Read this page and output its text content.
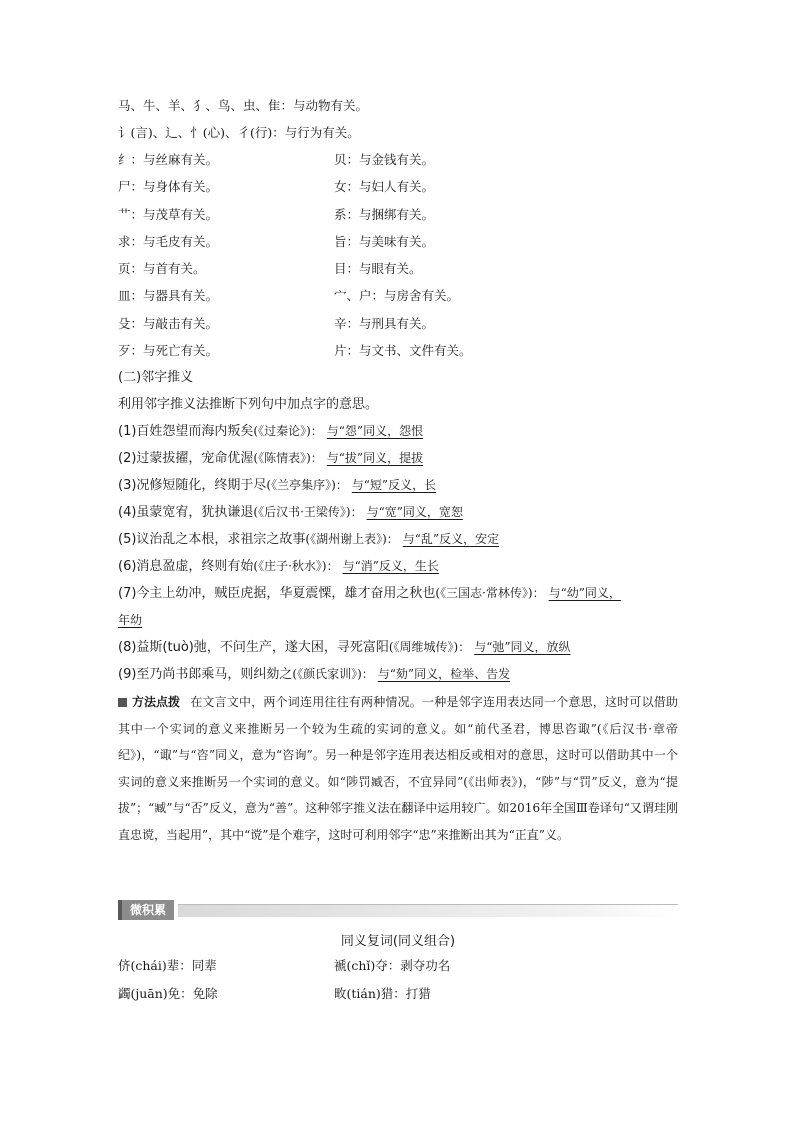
马、牛、羊、犭、鸟、虫、隹：与动物有关。
讠(言)、辶、忄(心)、彳(行)：与行为有关。
纟：与丝麻有关。	贝：与金钱有关。
尸：与身体有关。	女：与妇人有关。
艹：与茂草有关。	系：与捆绑有关。
求：与毛皮有关。	旨：与美味有关。
页：与首有关。	目：与眼有关。
皿：与器具有关。	宀、户：与房舍有关。
殳：与敲击有关。	辛：与刑具有关。
歹：与死亡有关。	片：与文书、文件有关。
(二)邻字推义
利用邻字推义法推断下列句中加点字的意思。
(1)百姓怨望而海内叛矣(《过秦论》)： 与“怨”同义，怨恨
(2)过蒙拔擢，宠命优渥(《陈情表》)： 与“拔”同义，提拔
(3)况修短随化，终期于尽(《兰亭集序》)： 与“短”反义，长
(4)虽蒙宽宥，犹执谦退(《后汉书·王梁传》)： 与“宽”同义，宽恕
(5)议治乱之本根，求祖宗之故事(《湖州谢上表》)： 与“乱”反义，安定
(6)消息盈虚，终则有始(《庄子·秋水》)： 与“消”反义，生长
(7)今主上幼冲，贼臣虎据，华夏震慄，雄才奋用之秋也(《三国志·常林传》)： 与“幼”同义，
年幼
(8)益斯(tuò)弛，不问生产，遂大困，寻死富阳(《周维城传》)： 与“弛”同义，放纵
(9)至乃尚书郎乘马，则纠劾之(《颜氏家训》)： 与“劾”同义，检举、告发
方法点拨 在文言文中，两个词连用往往有两种情况。一种是邻字连用表达同一个意思，这时可以借助其中一个实词的意义来推断另一个较为生疏的实词的意义。如“前代圣君，博思咨诹”(《后汉书·章帝纪》)，“诹”与“咨”同义，意为“咨询”。另一种是邻字连用表达相反或相对的意思，这时可以借助其中一个实词的意义来推断另一个实词的意义。如“陟罚臧否，不宜异同”(《出师表》)，“陟”与“罚”反义，意为“提拔”；“臧”与“否”反义，意为“善”。这种邻字推义法在翻译中运用较广。如2016年全国Ⅲ卷译句“又谓珪刚直忠谠，当起用”，其中“谠”是个难字，这时可利用邻字“忠”来推断出其为“正直”义。
微积累
同义复词(同义组合)
侪(chái)辈：同辈	褫(chǐ)夺：剥夺功名
蠲(juān)免：免除	畋(tián)猎：打猎
